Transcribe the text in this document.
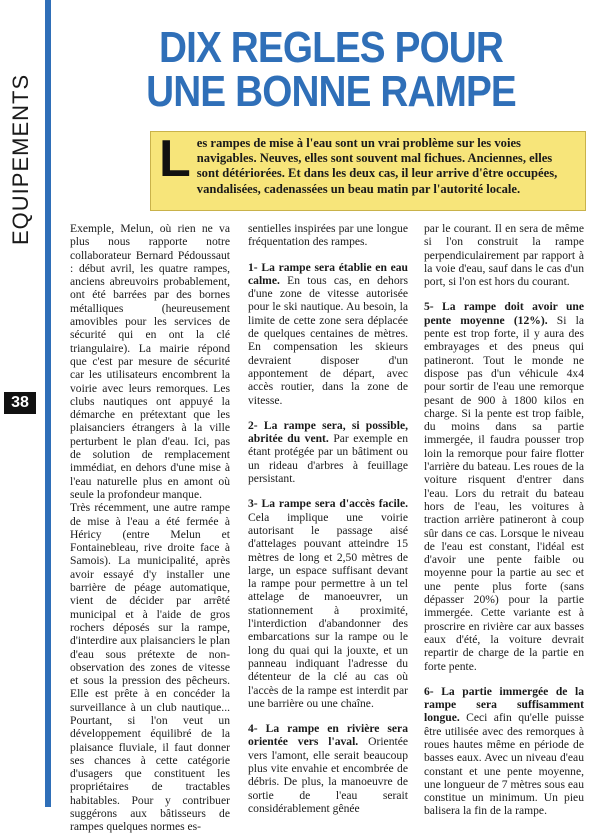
EQUIPEMENTS
38
DIX REGLES POUR
UNE BONNE RAMPE
L es rampes de mise à l'eau sont un vrai problème sur les voies navigables. Neuves, elles sont souvent mal fichues. Anciennes, elles sont détériorées. Et dans les deux cas, il leur arrive d'être occupées, vandalisées, cadenassées un beau matin par l'autorité locale.

Exemple, Melun, où rien ne va plus nous rapporte notre collaborateur Bernard Pédoussaut : début avril, les quatre rampes, anciens abreuvoirs probablement, ont été barrées par des bornes métalliques (heureusement amovibles pour les services de sécurité qui en ont la clé triangulaire). La mairie répond que c'est par mesure de sécurité car les utilisateurs encombrent la voirie avec leurs remorques. Les clubs nautiques ont appuyé la démarche en prétextant que les plaisanciers étrangers à la ville perturbent le plan d'eau. Ici, pas de solution de remplacement immédiat, en dehors d'une mise à l'eau naturelle plus en amont où seule la profondeur manque.

Très récemment, une autre rampe de mise à l'eau a été fermée à Héricy (entre Melun et Fontainebleau, rive droite face à Samois). La municipalité, après avoir essayé d'y installer une barrière de péage automatique, vient de décider par arrêté municipal et à l'aide de gros rochers déposés sur la rampe, d'interdire aux plaisanciers le plan d'eau sous prétexte de non-observation des zones de vitesse et sous la pression des pêcheurs. Elle est prête à en concéder la surveillance à un club nautique... Pourtant, si l'on veut un développement équilibré de la plaisance fluviale, il faut donner ses chances à cette catégorie d'usagers que constituent les propriétaires de tractables habitables. Pour y contribuer suggérons aux bâtisseurs de rampes quelques normes es-

sentielles inspirées par une longue fréquentation des rampes.

1- La rampe sera établie en eau calme. En tous cas, en dehors d'une zone de vitesse autorisée pour le ski nautique. Au besoin, la limite de cette zone sera déplacée de quelques centaines de mètres. En compensation les skieurs devraient disposer d'un appontement de départ, avec accès routier, dans la zone de vitesse.

2- La rampe sera, si possible, abritée du vent. Par exemple en étant protégée par un bâtiment ou un rideau d'arbres à feuillage persistant.

3- La rampe sera d'accès facile. Cela implique une voirie autorisant le passage aisé d'attelages pouvant atteindre 15 mètres de long et 2,50 mètres de large, un espace suffisant devant la rampe pour permettre à un tel attelage de manoeuvrer, un stationnement à proximité, l'interdiction d'abandonner des embarcations sur la rampe ou le long du quai qui la jouxte, et un panneau indiquant l'adresse du détenteur de la clé au cas où l'accès de la rampe est interdit par une barrière ou une chaîne.

4- La rampe en rivière sera orientée vers l'aval. Orientée vers l'amont, elle serait beaucoup plus vite envahie et encombrée de débris. De plus, la manoeuvre de sortie de l'eau serait considérablement gênée

par le courant. Il en sera de même si l'on construit la rampe perpendiculairement par rapport à la voie d'eau, sauf dans le cas d'un port, si l'on est hors du courant.

5- La rampe doit avoir une pente moyenne (12%). Si la pente est trop forte, il y aura des embrayages et des pneus qui patineront. Tout le monde ne dispose pas d'un véhicule 4x4 pour sortir de l'eau une remorque pesant de 900 à 1800 kilos en charge. Si la pente est trop faible, du moins dans sa partie immergée, il faudra pousser trop loin la remorque pour faire flotter l'arrière du bateau. Les roues de la voiture risquent d'entrer dans l'eau. Lors du retrait du bateau hors de l'eau, les voitures à traction arrière patineront à coup sûr dans ce cas. Lorsque le niveau de l'eau est constant, l'idéal est d'avoir une pente faible ou moyenne pour la partie au sec et une pente plus forte (sans dépasser 20%) pour la partie immergée. Cette variante est à proscrire en rivière car aux basses eaux d'été, la voiture devrait repartir de charge de la partie en forte pente.

6- La partie immergée de la rampe sera suffisamment longue. Ceci afin qu'elle puisse être utilisée avec des remorques à roues hautes même en période de basses eaux. Avec un niveau d'eau constant et une pente moyenne, une longueur de 7 mètres sous eau constitue un minimum. Un pieu balisera la fin de la rampe.
